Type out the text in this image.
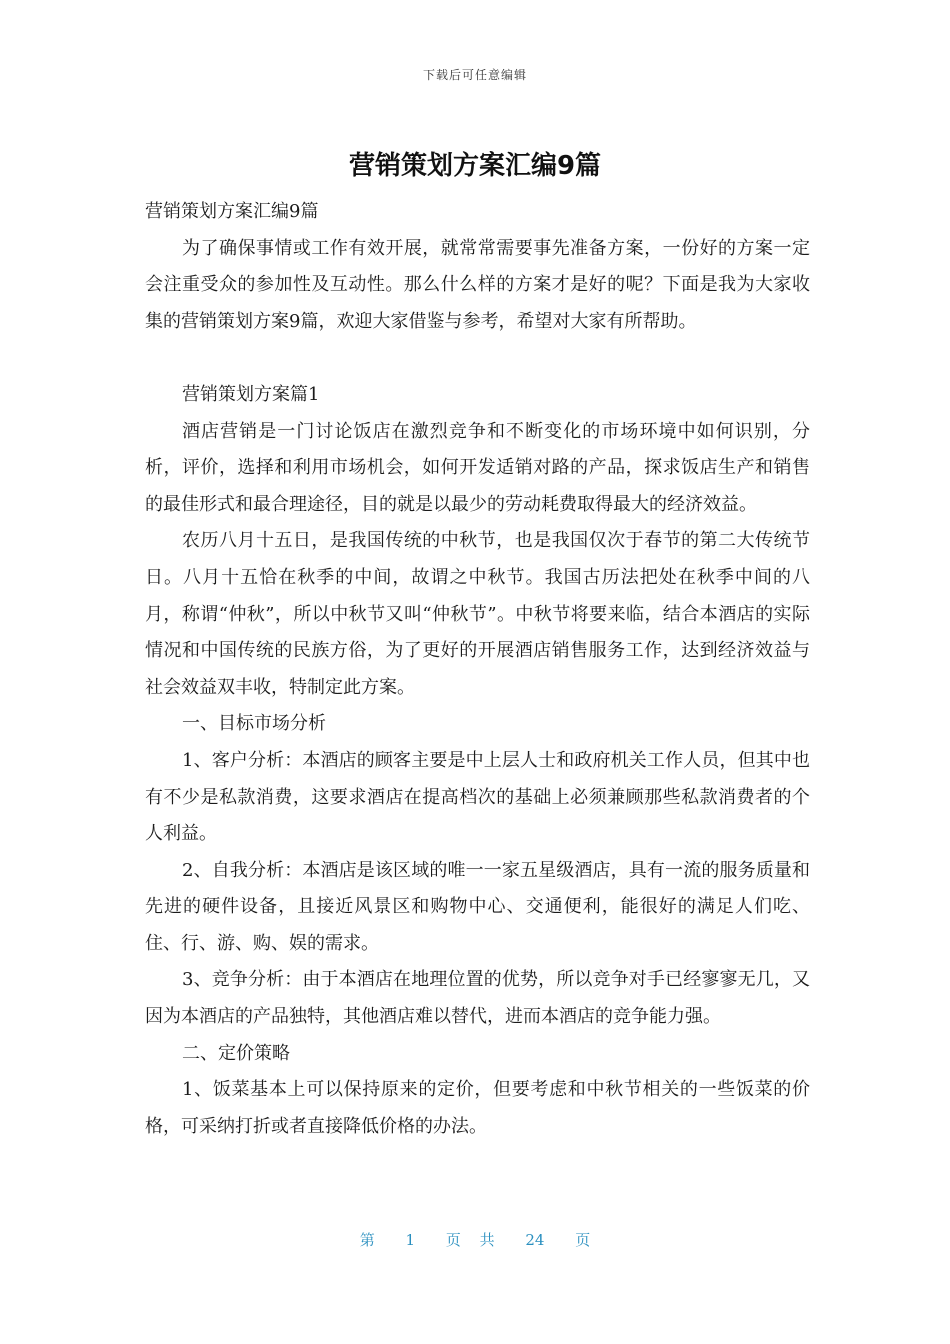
下载后可任意编辑
营销策划方案汇编9篇

营销策划方案汇编9篇

为了确保事情或工作有效开展，就常常需要事先准备方案，一份好的方案一定会注重受众的参加性及互动性。那么什么样的方案才是好的呢？下面是我为大家收集的营销策划方案9篇，欢迎大家借鉴与参考，希望对大家有所帮助。

营销策划方案篇1

酒店营销是一门讨论饭店在激烈竞争和不断变化的市场环境中如何识别，分析，评价，选择和利用市场机会，如何开发适销对路的产品，探求饭店生产和销售的最佳形式和最合理途径，目的就是以最少的劳动耗费取得最大的经济效益。

农历八月十五日，是我国传统的中秋节，也是我国仅次于春节的第二大传统节日。八月十五恰在秋季的中间，故谓之中秋节。我国古历法把处在秋季中间的八月，称谓“仲秋”，所以中秋节又叫“仲秋节”。中秋节将要来临，结合本酒店的实际情况和中国传统的民族方俗，为了更好的开展酒店销售服务工作，达到经济效益与社会效益双丰收，特制定此方案。

一、目标市场分析

1、客户分析：本酒店的顾客主要是中上层人士和政府机关工作人员，但其中也有不少是私款消费，这要求酒店在提高档次的基础上必须兼顾那些私款消费者的个人利益。

2、自我分析：本酒店是该区域的唯一一家五星级酒店，具有一流的服务质量和先进的硬件设备，且接近风景区和购物中心、交通便利，能很好的满足人们吃、住、行、游、购、娱的需求。

3、竞争分析：由于本酒店在地理位置的优势，所以竞争对手已经寥寥无几，又因为本酒店的产品独特，其他酒店难以替代，进而本酒店的竞争能力强。

二、定价策略

1、饭菜基本上可以保持原来的定价，但要考虑和中秋节相关的一些饭菜的价格，可采纳打折或者直接降低价格的办法。

第 1 页 共 24 页
